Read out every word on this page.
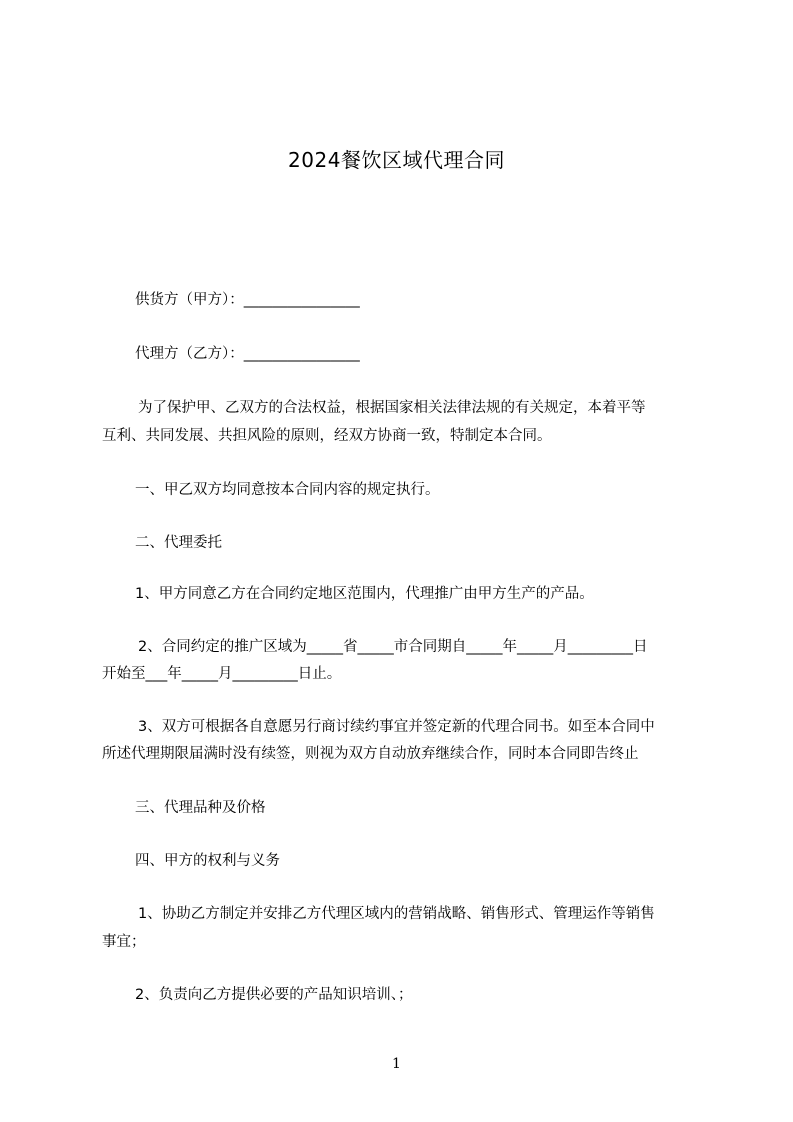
2024餐饮区域代理合同
供货方（甲方）：________________
代理方（乙方）：________________
为了保护甲、乙双方的合法权益，根据国家相关法律法规的有关规定，本着平等
互利、共同发展、共担风险的原则，经双方协商一致，特制定本合同。
一、甲乙双方均同意按本合同内容的规定执行。
二、代理委托
1、甲方同意乙方在合同约定地区范围内，代理推广由甲方生产的产品。
2、合同约定的推广区域为_____省_____市合同期自_____年_____月_________日
开始至___年_____月_________日止。
3、双方可根据各自意愿另行商讨续约事宜并签定新的代理合同书。如至本合同中
所述代理期限届满时没有续签，则视为双方自动放弃继续合作，同时本合同即告终止
三、代理品种及价格
四、甲方的权利与义务
1、协助乙方制定并安排乙方代理区域内的营销战略、销售形式、管理运作等销售
事宜；
2、负责向乙方提供必要的产品知识培训、；
1
